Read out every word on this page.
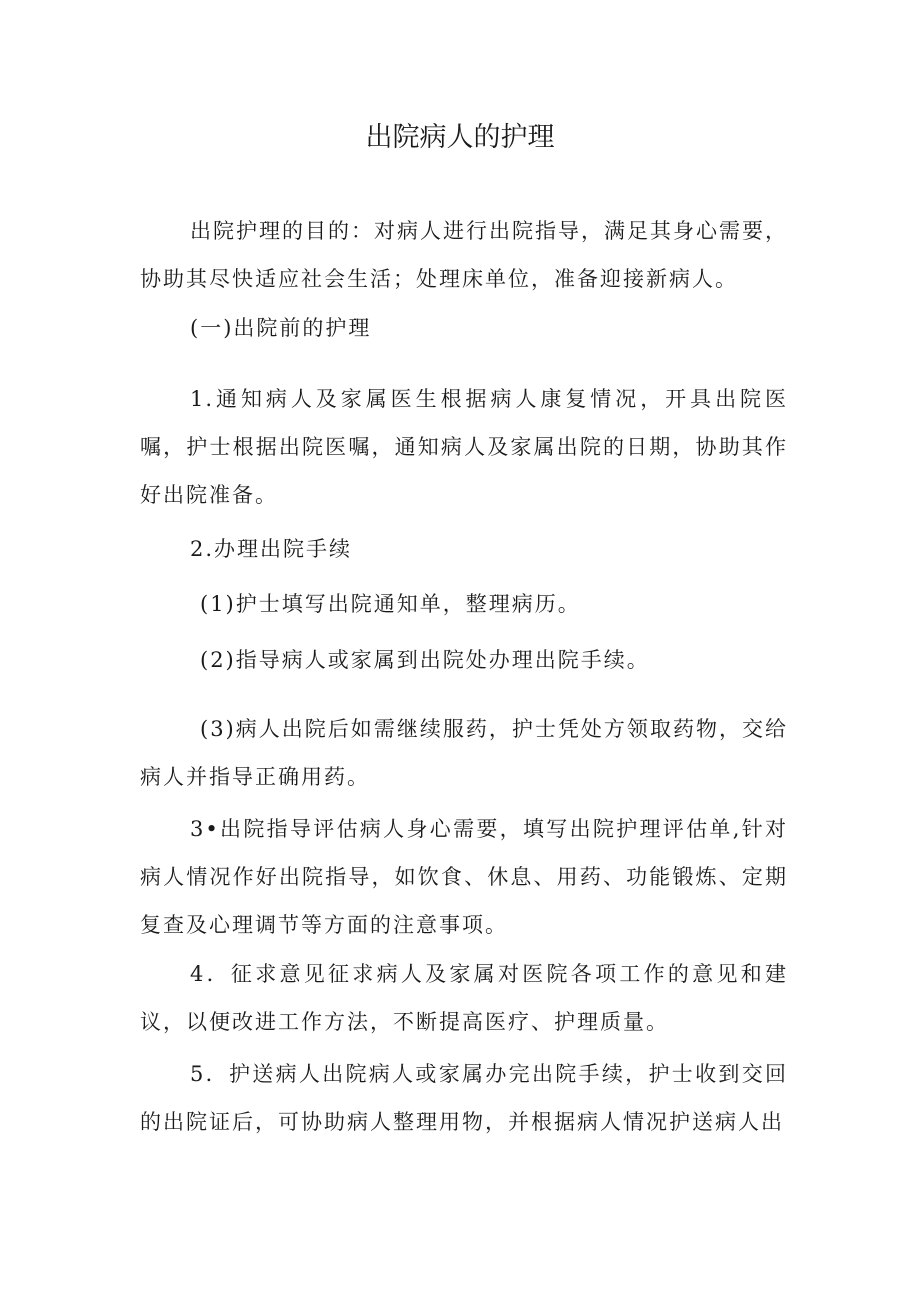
出院病人的护理

出院护理的目的：对病人进行出院指导，满足其身心需要，协助其尽快适应社会生活；处理床单位，准备迎接新病人。

(一)出院前的护理

1.通知病人及家属医生根据病人康复情况，开具出院医嘱，护士根据出院医嘱，通知病人及家属出院的日期，协助其作好出院准备。

2.办理出院手续

(1)护士填写出院通知单，整理病历。

(2)指导病人或家属到出院处办理出院手续。

(3)病人出院后如需继续服药，护士凭处方领取药物，交给病人并指导正确用药。

3•出院指导评估病人身心需要，填写出院护理评估单,针对病人情况作好出院指导，如饮食、休息、用药、功能锻炼、定期复查及心理调节等方面的注意事项。

4．征求意见征求病人及家属对医院各项工作的意见和建议，以便改进工作方法，不断提高医疗、护理质量。

5．护送病人出院病人或家属办完出院手续，护士收到交回的出院证后，可协助病人整理用物，并根据病人情况护送病人出
